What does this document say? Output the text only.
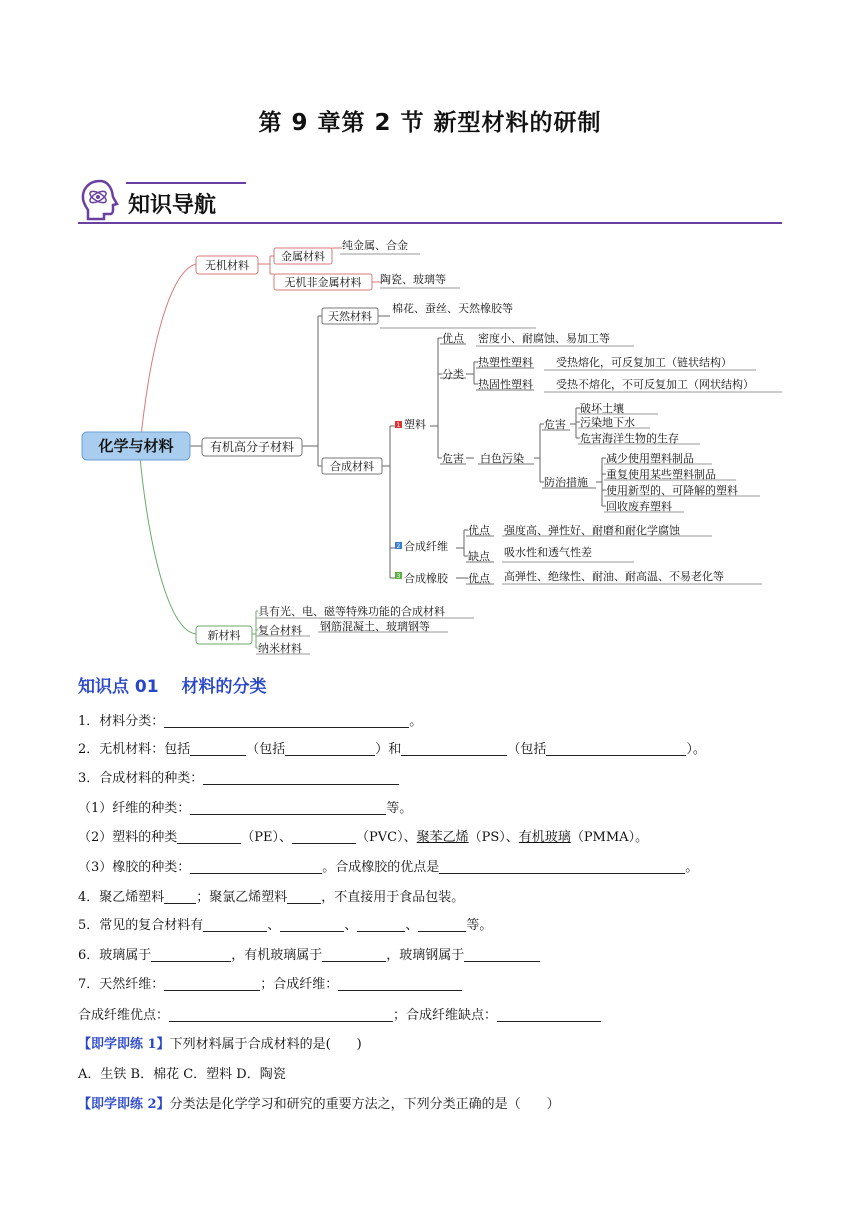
第 9 章第 2 节 新型材料的研制
知识导航
无机材料
金属材料
纯金属、合金
无机非金属材料 陶瓷、玻璃等
化学与材料	有机高分子材料
天然材料
棉花、蚕丝、天然橡胶等
合成材料
塑料
优点 密度小、耐腐蚀、易加工等
分类
热塑性塑料 受热熔化，可反复加工（链状结构）
热固性塑料 受热不熔化，不可反复加工（网状结构）
危害 白色污染
危害
破坏土壤
污染地下水
危害海洋生物的生存
防治措施
减少使用塑料制品
重复使用某些塑料制品
使用新型的、可降解的塑料
回收废弃塑料
合成纤维
优点 强度高、弹性好、耐磨和耐化学腐蚀
缺点 吸水性和透气性差
合成橡胶 优点 高弹性、绝缘性、耐油、耐高温、不易老化等
新材料
具有光、电、磁等特殊功能的合成材料
复合材料 钢筋混凝土、玻璃钢等
纳米材料
1
2
3
知识点 01　 材料的分类
1．材料分类：	。
2．无机材料：包括	（包括	）和	（包括	）。
3．合成材料的种类：
（1）纤维的种类：	等。
（2）塑料的种类	（PE）、	（PVC）、聚苯乙烯（PS）、有机玻璃（PMMA）。
（3）橡胶的种类：	。合成橡胶的优点是	。
4．聚乙烯塑料 ；聚氯乙烯塑料	，不直接用于食品包装。
5．常见的复合材料有	、	、	、	等。
6．玻璃属于	，有机玻璃属于	，玻璃钢属于
7．天然纤维：	；合成纤维：
合成纤维优点：	；合成纤维缺点：
【即学即练 1】下列材料属于合成材料的是(　　)
A．生铁 B．棉花 C．塑料 D．陶瓷
【即学即练 2】分类法是化学学习和研究的重要方法之，下列分类正确的是（　　）
